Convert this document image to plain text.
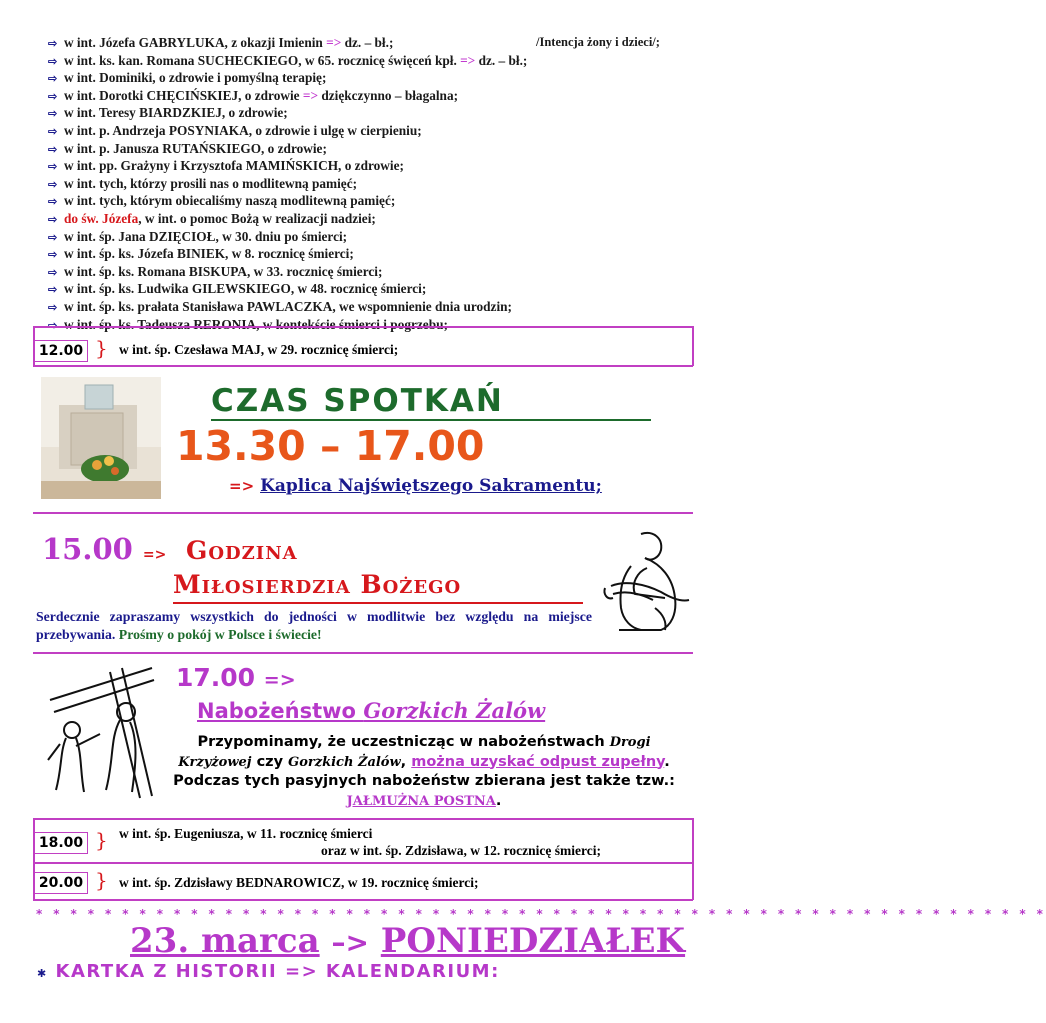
⇨ w int. Józefa GABRYLUKA, z okazji Imienin => dz. – bł.;	/Intencja żony i dzieci/;
⇨ w int. ks. kan. Romana SUCHECKIEGO, w 65. rocznicę święceń kpł. => dz. – bł.;
⇨ w int. Dominiki, o zdrowie i pomyślną terapię;
⇨ w int. Dorotki CHĘCIŃSKIEJ, o zdrowie => dziękczynno – błagalna;
⇨ w int. Teresy BIARDZKIEJ, o zdrowie;
⇨ w int. p. Andrzeja POSYNIAKA, o zdrowie i ulgę w cierpieniu;
⇨ w int. p. Janusza RUTAŃSKIEGO, o zdrowie;
⇨ w int. pp. Grażyny i Krzysztofa MAMIŃSKICH, o zdrowie;
⇨ w int. tych, którzy prosili nas o modlitewną pamięć;
⇨ w int. tych, którym obiecaliśmy naszą modlitewną pamięć;
⇨ do św. Józefa, w int. o pomoc Bożą w realizacji nadziei;
⇨ w int. śp. Jana DZIĘCIOŁ, w 30. dniu po śmierci;
⇨ w int. śp. ks. Józefa BINIEK, w 8. rocznicę śmierci;
⇨ w int. śp. ks. Romana BISKUPA, w 33. rocznicę śmierci;
⇨ w int. śp. ks. Ludwika GILEWSKIEGO, w 48. rocznicę śmierci;
⇨ w int. śp. ks. prałata Stanisława PAWLACZKA, we wspomnienie dnia urodzin;
⇨ w int. śp. ks. Tadeusza RERONIA, w kontekście śmierci i pogrzebu;
12.00 } w int. śp. Czesława MAJ, w 29. rocznicę śmierci;
CZAS SPOTKAŃ
13.30 – 17.00
=> Kaplica Najświętszego Sakramentu;
15.00 => Godzina
Miłosierdzia Bożego
Serdecznie zapraszamy wszystkich do jedności w modlitwie bez względu na miejsce przebywania. Prośmy o pokój w Polsce i świecie!
17.00 =>
Nabożeństwo Gorzkich Żalów
Przypominamy, że uczestnicząc w nabożeństwach Drogi Krzyżowej czy Gorzkich Żalów, można uzyskać odpust zupełny. Podczas tych pasyjnych nabożeństw zbierana jest także tzw.: JAŁMUŻNA POSTNA.
18.00 } w int. śp. Eugeniusza, w 11. rocznicę śmierci
oraz w int. śp. Zdzisława, w 12. rocznicę śmierci;
20.00 } w int. śp. Zdzisławy BEDNAROWICZ, w 19. rocznicę śmierci;
* * * * * * * * * * * * * * * * * * * * * * * * * * * * * * * * * * * * * * * * * * * * * * * * * * * * * * * * * * *
23. marca –> PONIEDZIAŁEK
✱ KARTKA Z HISTORII => KALENDARIUM:
